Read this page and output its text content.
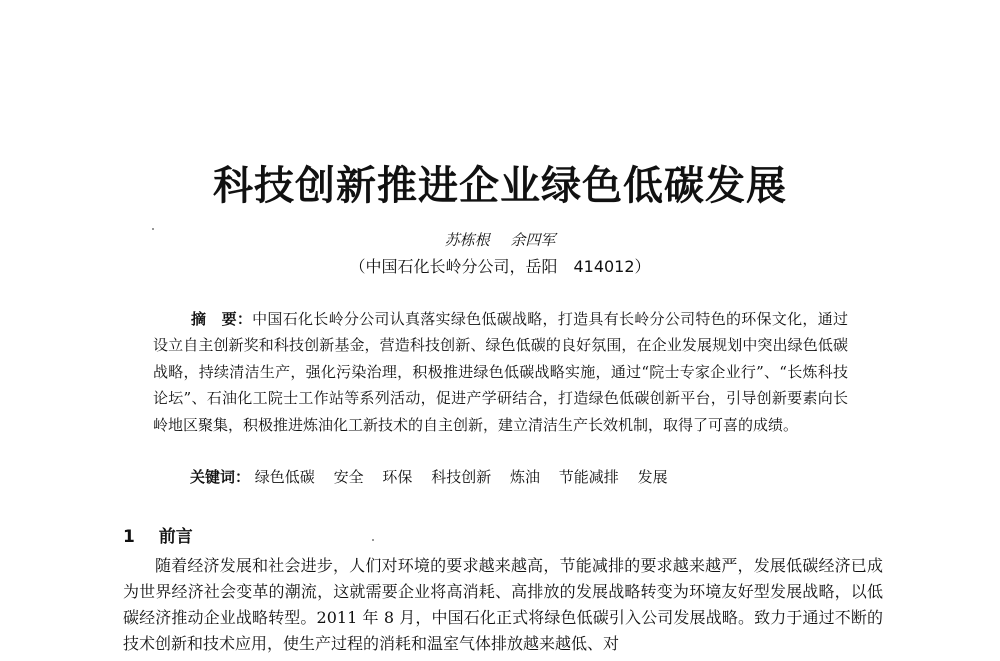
科技创新推进企业绿色低碳发展
苏栋根 余四军
（中国石化长岭分公司，岳阳　414012）
摘　要：中国石化长岭分公司认真落实绿色低碳战略，打造具有长岭分公司特色的环保文化，通过设立自主创新奖和科技创新基金，营造科技创新、绿色低碳的良好氛围，在企业发展规划中突出绿色低碳战略，持续清洁生产，强化污染治理，积极推进绿色低碳战略实施，通过“院士专家企业行”、“长炼科技论坛”、石油化工院士工作站等系列活动，促进产学研结合，打造绿色低碳创新平台，引导创新要素向长岭地区聚集，积极推进炼油化工新技术的自主创新，建立清洁生产长效机制，取得了可喜的成绩。
关键词： 绿色低碳 安全 环保 科技创新 炼油 节能减排 发展
1 前言
随着经济发展和社会进步，人们对环境的要求越来越高，节能减排的要求越来越严，发展低碳经济已成为世界经济社会变革的潮流，这就需要企业将高消耗、高排放的发展战略转变为环境友好型发展战略，以低碳经济推动企业战略转型。2011 年 8 月，中国石化正式将绿色低碳引入公司发展战略。致力于通过不断的技术创新和技术应用，使生产过程的消耗和温室气体排放越来越低、对
